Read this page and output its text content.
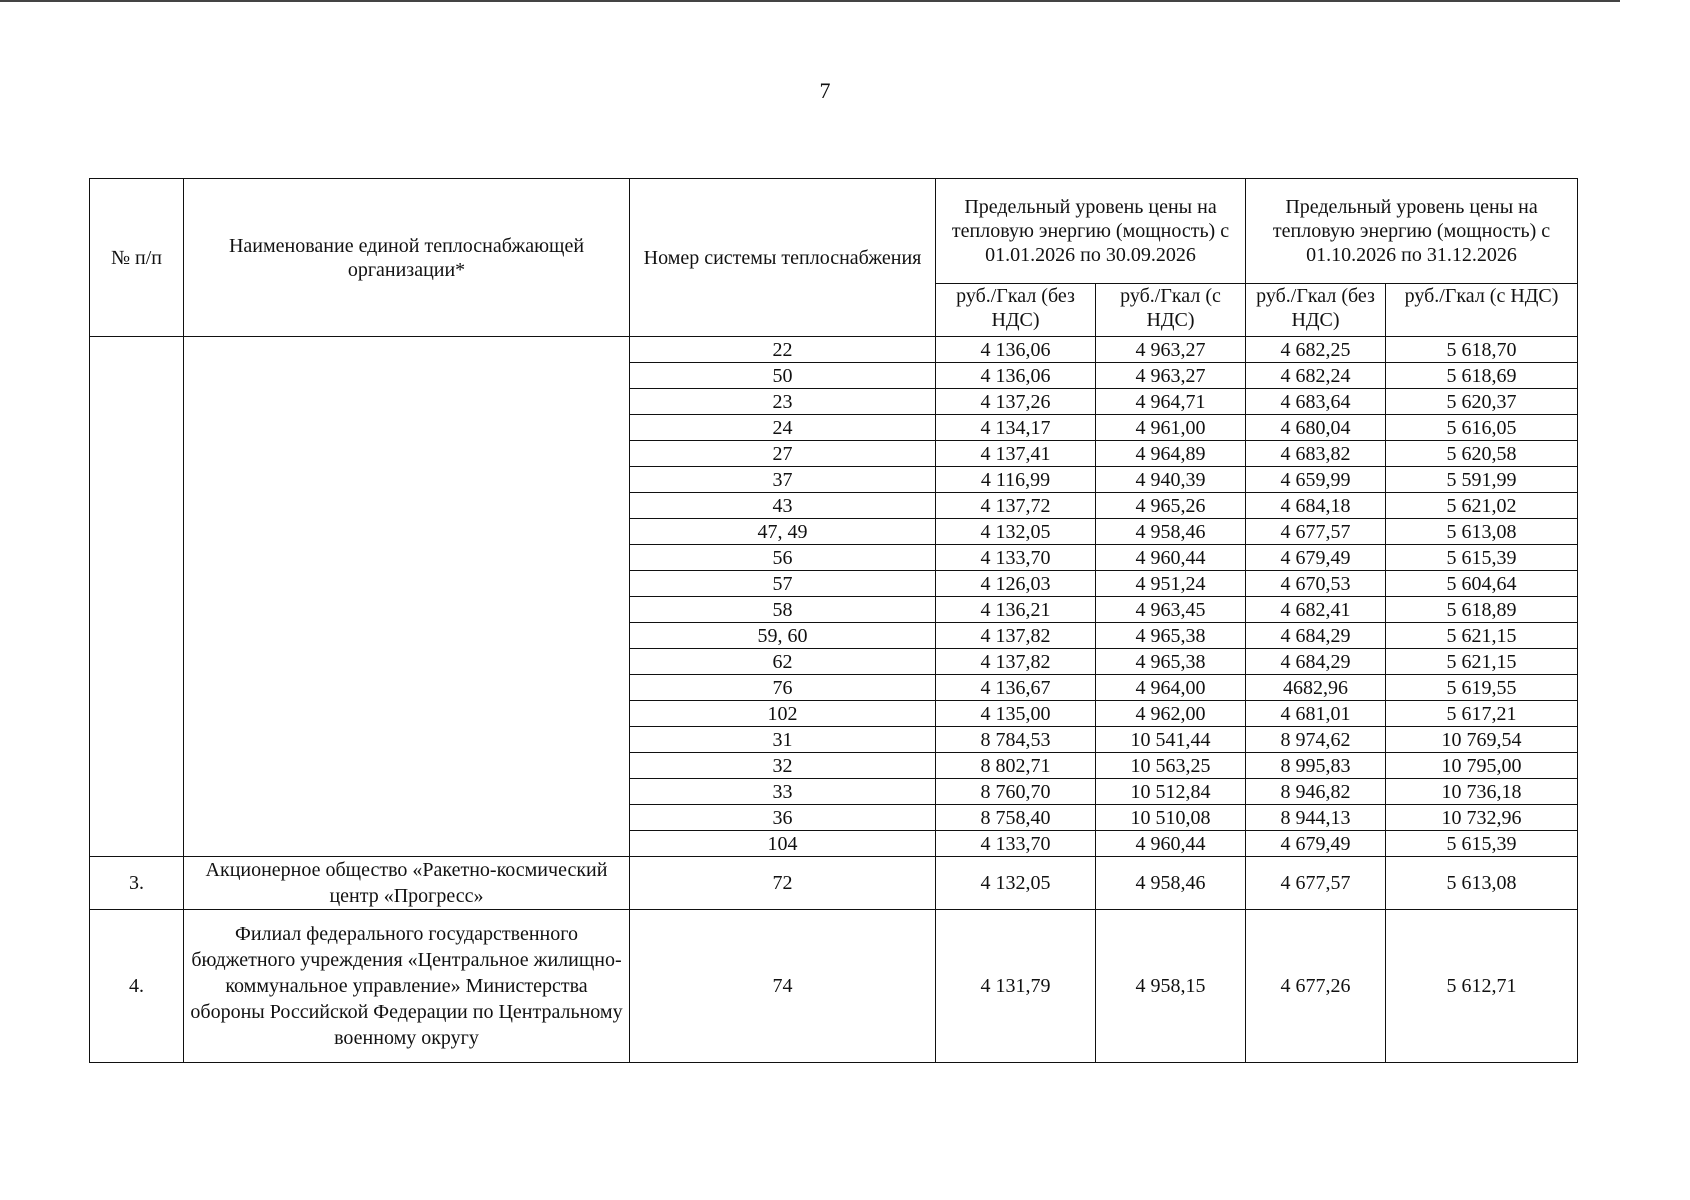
7
№ п/п	Наименование единой теплоснабжающей организации*	Номер системы теплоснабжения	Предельный уровень цены на тепловую энергию (мощность) с 01.01.2026 по 30.09.2026		Предельный уровень цены на тепловую энергию (мощность) с 01.10.2026 по 31.12.2026	
			руб./Гкал (без НДС)	руб./Гкал (с НДС)	руб./Гкал (без НДС)	руб./Гкал (с НДС)
		22	4 136,06	4 963,27	4 682,25	5 618,70
		50	4 136,06	4 963,27	4 682,24	5 618,69
		23	4 137,26	4 964,71	4 683,64	5 620,37
		24	4 134,17	4 961,00	4 680,04	5 616,05
		27	4 137,41	4 964,89	4 683,82	5 620,58
		37	4 116,99	4 940,39	4 659,99	5 591,99
		43	4 137,72	4 965,26	4 684,18	5 621,02
		47, 49	4 132,05	4 958,46	4 677,57	5 613,08
		56	4 133,70	4 960,44	4 679,49	5 615,39
		57	4 126,03	4 951,24	4 670,53	5 604,64
		58	4 136,21	4 963,45	4 682,41	5 618,89
		59, 60	4 137,82	4 965,38	4 684,29	5 621,15
		62	4 137,82	4 965,38	4 684,29	5 621,15
		76	4 136,67	4 964,00	4682,96	5 619,55
		102	4 135,00	4 962,00	4 681,01	5 617,21
		31	8 784,53	10 541,44	8 974,62	10 769,54
		32	8 802,71	10 563,25	8 995,83	10 795,00
		33	8 760,70	10 512,84	8 946,82	10 736,18
		36	8 758,40	10 510,08	8 944,13	10 732,96
		104	4 133,70	4 960,44	4 679,49	5 615,39
3.	Акционерное общество «Ракетно-космический центр «Прогресс»	72	4 132,05	4 958,46	4 677,57	5 613,08
4.	Филиал федерального государственного бюджетного учреждения «Центральное жилищно-коммунальное управление» Министерства обороны Российской Федерации по Центральному военному округу	74	4 131,79	4 958,15	4 677,26	5 612,71
